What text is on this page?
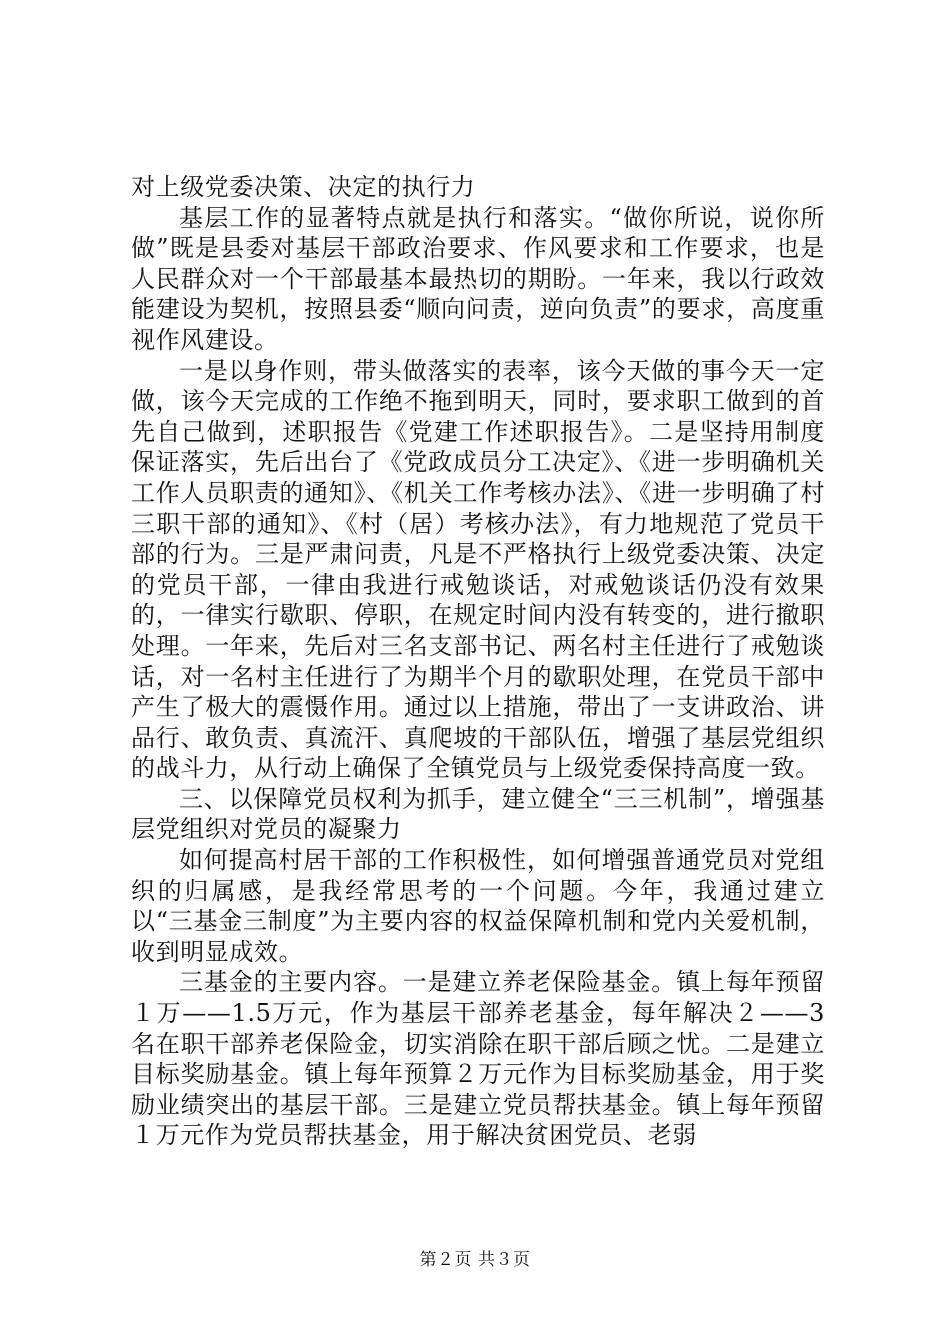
对上级党委决策、决定的执行力

基层工作的显著特点就是执行和落实。“做你所说，说你所做”既是县委对基层干部政治要求、作风要求和工作要求，也是人民群众对一个干部最基本最热切的期盼。一年来，我以行政效能建设为契机，按照县委“顺向问责，逆向负责”的要求，高度重视作风建设。

一是以身作则，带头做落实的表率，该今天做的事今天一定做，该今天完成的工作绝不拖到明天，同时，要求职工做到的首先自己做到，述职报告《党建工作述职报告》。二是坚持用制度保证落实，先后出台了《党政成员分工决定》、《进一步明确机关工作人员职责的通知》、《机关工作考核办法》、《进一步明确了村三职干部的通知》、《村（居）考核办法》，有力地规范了党员干部的行为。三是严肃问责，凡是不严格执行上级党委决策、决定的党员干部，一律由我进行戒勉谈话，对戒勉谈话仍没有效果的，一律实行歇职、停职，在规定时间内没有转变的，进行撤职处理。一年来，先后对三名支部书记、两名村主任进行了戒勉谈话，对一名村主任进行了为期半个月的歇职处理，在党员干部中产生了极大的震慑作用。通过以上措施，带出了一支讲政治、讲品行、敢负责、真流汗、真爬坡的干部队伍，增强了基层党组织的战斗力，从行动上确保了全镇党员与上级党委保持高度一致。

三、以保障党员权利为抓手，建立健全“三三机制”，增强基层党组织对党员的凝聚力

如何提高村居干部的工作积极性，如何增强普通党员对党组织的归属感，是我经常思考的一个问题。今年，我通过建立以“三基金三制度”为主要内容的权益保障机制和党内关爱机制，收到明显成效。

三基金的主要内容。一是建立养老保险基金。镇上每年预留１万——1.5万元，作为基层干部养老基金，每年解决２——3名在职干部养老保险金，切实消除在职干部后顾之忧。二是建立目标奖励基金。镇上每年预算２万元作为目标奖励基金，用于奖励业绩突出的基层干部。三是建立党员帮扶基金。镇上每年预留１万元作为党员帮扶基金，用于解决贫困党员、老弱

第２页 共３页
